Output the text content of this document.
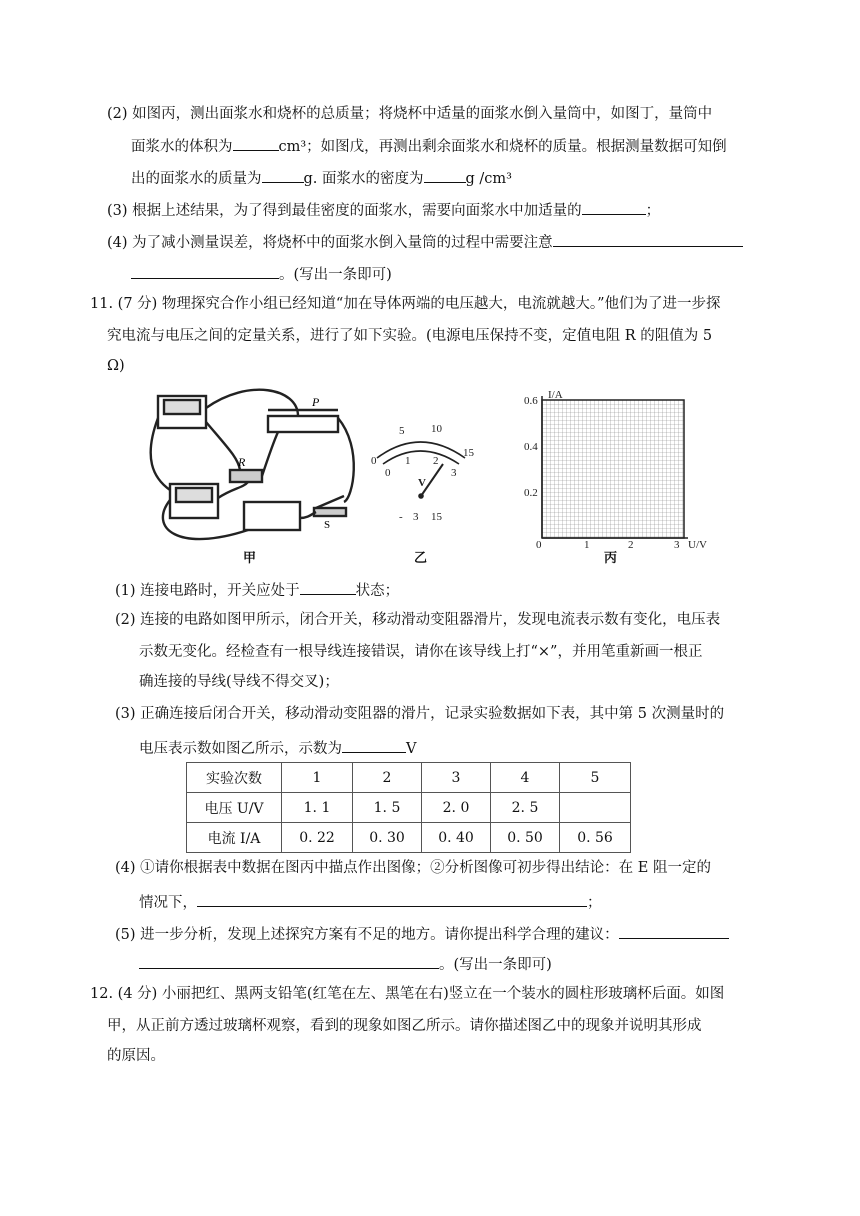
(2) 如图丙，测出面浆水和烧杯的总质量；将烧杯中适量的面浆水倒入量筒中，如图丁，量筒中
面浆水的体积为	cm³；如图戊，再测出剩余面浆水和烧杯的质量。根据测量数据可知倒
出的面浆水的质量为	g. 面浆水的密度为	g /cm³
(3) 根据上述结果，为了得到最佳密度的面浆水，需要向面浆水中加适量的	；
(4) 为了减小测量误差，将烧杯中的面浆水倒入量筒的过程中需要注意
。(写出一条即可)
11. (7 分) 物理探究合作小组已经知道“加在导体两端的电压越大，电流就越大。”他们为了进一步探
究电流与电压之间的定量关系，进行了如下实验。(电源电压保持不变，定值电阻 R 的阻值为 5
Ω)
R
P
S
甲
0
5 10
15
0
1 2
3
V
- 3 15
乙
I/A
0.6
0.4
0.2
0	1	2	3 U/V
丙
(1) 连接电路时，开关应处于	状态；
(2) 连接的电路如图甲所示，闭合开关，移动滑动变阻器滑片，发现电流表示数有变化，电压表
示数无变化。经检查有一根导线连接错误，请你在该导线上打“×”，并用笔重新画一根正
确连接的导线(导线不得交叉)；
(3) 正确连接后闭合开关，移动滑动变阻器的滑片，记录实验数据如下表，其中第 5 次测量时的
电压表示数如图乙所示，示数为	V
实验次数	1	2	3	4	5
电压 U/V	1. 1	1. 5	2. 0	2. 5	
电流 I/A	0. 22	0. 30	0. 40	0. 50	0. 56
(4) ①请你根据表中数据在图丙中描点作出图像；②分析图像可初步得出结论：在 E 阻一定的
情况下，	；
(5) 进一步分析，发现上述探究方案有不足的地方。请你提出科学合理的建议：
。(写出一条即可)
12. (4 分) 小丽把红、黑两支铅笔(红笔在左、黑笔在右)竖立在一个装水的圆柱形玻璃杯后面。如图
甲，从正前方透过玻璃杯观察，看到的现象如图乙所示。请你描述图乙中的现象并说明其形成
的原因。
